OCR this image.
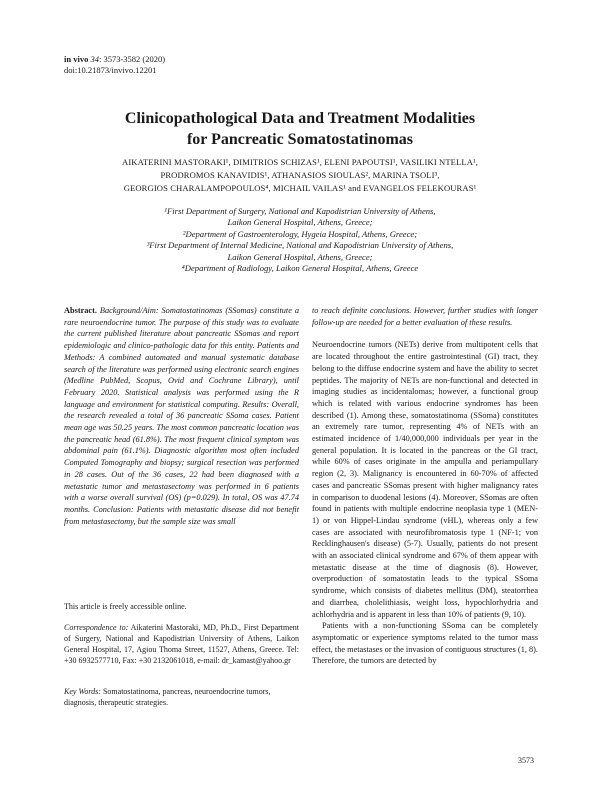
in vivo 34: 3573-3582 (2020)
doi:10.21873/invivo.12201
Clinicopathological Data and Treatment Modalities
for Pancreatic Somatostatinomas
AIKATERINI MASTORAKI¹, DIMITRIOS SCHIZAS¹, ELENI PAPOUTSI¹, VASILIKI NTELLA¹,
PRODROMOS KANAVIDIS¹, ATHANASIOS SIOULAS², MARINA TSOLI³,
GEORGIOS CHARALAMPOPOULOS⁴, MICHAIL VAILAS¹ and EVANGELOS FELEKOURAS¹
¹First Department of Surgery, National and Kapodistrian University of Athens,
Laikon General Hospital, Athens, Greece;
²Department of Gastroenterology, Hygeia Hospital, Athens, Greece;
³First Department of Internal Medicine, National and Kapodistrian University of Athens,
Laikon General Hospital, Athens, Greece;
⁴Department of Radiology, Laikon General Hospital, Athens, Greece
Abstract. Background/Aim: Somatostatinomas (SSomas) constitute a rare neuroendocrine tumor. The purpose of this study was to evaluate the current published literature about pancreatic SSomas and report epidemiologic and clinico-pathologic data for this entity. Patients and Methods: A combined automated and manual systematic database search of the literature was performed using electronic search engines (Medline PubMed, Scopus, Ovid and Cochrane Library), until February 2020. Statistical analysis was performed using the R language and environment for statistical computing. Results: Overall, the research revealed a total of 36 pancreatic SSoma cases. Patient mean age was 50.25 years. The most common pancreatic location was the pancreatic head (61.8%). The most frequent clinical symptom was abdominal pain (61.1%). Diagnostic algorithm most often included Computed Tomography and biopsy; surgical resection was performed in 28 cases. Out of the 36 cases, 22 had been diagnosed with a metastatic tumor and metastasectomy was performed in 6 patients with a worse overall survival (OS) (p=0.029). In total, OS was 47.74 months. Conclusion: Patients with metastatic disease did not benefit from metastasectomy, but the sample size was small
This article is freely accessible online.
Correspondence to: Aikaterini Mastoraki, MD, Ph.D., First Department of Surgery, National and Kapodistrian University of Athens, Laikon General Hospital, 17, Agiou Thoma Street, 11527, Athens, Greece. Tel: +30 6932577710, Fax: +30 2132061018, e-mail: dr_kamast@yahoo.gr
Key Words: Somatostatinoma, pancreas, neuroendocrine tumors, diagnosis, therapeutic strategies.

to reach definite conclusions. However, further studies with longer follow-up are needed for a better evaluation of these results.

Neuroendocrine tumors (NETs) derive from multipotent cells that are located throughout the entire gastrointestinal (GI) tract, they belong to the diffuse endocrine system and have the ability to secret peptides. The majority of NETs are non-functional and detected in imaging studies as incidentalomas; however, a functional group which is related with various endocrine syndromes has been described (1). Among these, somatostatinoma (SSoma) constitutes an extremely rare tumor, representing 4% of NETs with an estimated incidence of 1/40,000,000 individuals per year in the general population. It is located in the pancreas or the GI tract, while 60% of cases originate in the ampulla and periampullary region (2, 3). Malignancy is encountered in 60-70% of affected cases and pancreatic SSomas present with higher malignancy rates in comparison to duodenal lesions (4). Moreover, SSomas are often found in patients with multiple endocrine neoplasia type 1 (MEN-1) or von Hippel-Lindau syndrome (vHL), whereas only a few cases are associated with neurofibromatosis type 1 (NF-1; von Recklinghausen's disease) (5-7). Usually, patients do not present with an associated clinical syndrome and 67% of them appear with metastatic disease at the time of diagnosis (8). However, overproduction of somatostatin leads to the typical SSoma syndrome, which consists of diabetes mellitus (DM), steatorrhea and diarrhea, cholelithiasis, weight loss, hypochlorhydria and achlorhydria and is apparent in less than 10% of patients (9, 10).

Patients with a non-functioning SSoma can be completely asymptomatic or experience symptoms related to the tumor mass effect, the metastases or the invasion of contiguous structures (1, 8). Therefore, the tumors are detected by

3573
